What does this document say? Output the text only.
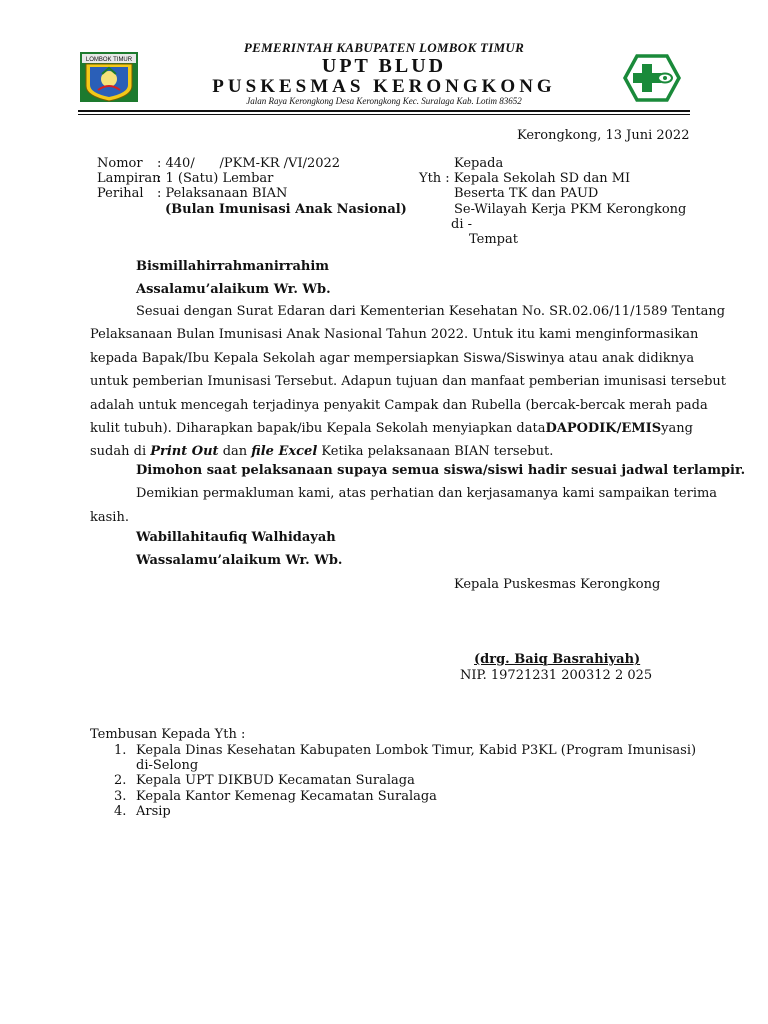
LOMBOK TIMUR
PEMERINTAH KABUPATEN LOMBOK TIMUR
UPT BLUD
PUSKESMAS KERONGKONG
Jalan Raya Kerongkong Desa Kerongkong Kec. Suralaga Kab. Lotim 83652
Kerongkong, 13 Juni 2022
Nomor : 440/      /PKM-KR /VI/2022
Lampiran
: 1 (Satu) Lembar
Perihal : Pelaksanaan BIAN
(Bulan Imunisasi Anak Nasional)
Kepada
Yth : Kepala Sekolah SD dan MI
Beserta TK dan PAUD
Se-Wilayah Kerja PKM Kerongkong
di -
Tempat
Bismillahirrahmanirrahim
Assalamu’alaikum Wr. Wb.
Sesuai dengan Surat Edaran dari Kementerian Kesehatan No. SR.02.06/11/1589 Tentang
Pelaksanaan Bulan Imunisasi Anak Nasional Tahun 2022. Untuk itu kami menginformasikan
kepada Bapak/Ibu Kepala Sekolah agar mempersiapkan Siswa/Siswinya atau anak didiknya
untuk pemberian Imunisasi Tersebut. Adapun tujuan dan manfaat pemberian imunisasi tersebut
adalah untuk mencegah terjadinya penyakit Campak dan Rubella (bercak-bercak merah pada
kulit tubuh). Diharapkan bapak/ibu Kepala Sekolah menyiapkan data DAPODIK/EMIS yang
sudah di Print Out dan file Excel Ketika pelaksanaan BIAN tersebut.
Dimohon saat pelaksanaan supaya semua siswa/siswi hadir sesuai jadwal terlampir.
Demikian permakluman kami, atas perhatian dan kerjasamanya kami sampaikan terima
kasih.
Wabillahitaufiq Walhidayah
Wassalamu’alaikum Wr. Wb.
Kepala Puskesmas Kerongkong
(drg. Baiq Basrahiyah)
NIP. 19721231 200312 2 025
Tembusan Kepada Yth :
1. Kepala Dinas Kesehatan Kabupaten Lombok Timur, Kabid P3KL (Program Imunisasi)
di-Selong
2. Kepala UPT DIKBUD Kecamatan Suralaga
3. Kepala Kantor Kemenag Kecamatan Suralaga
4. Arsip
